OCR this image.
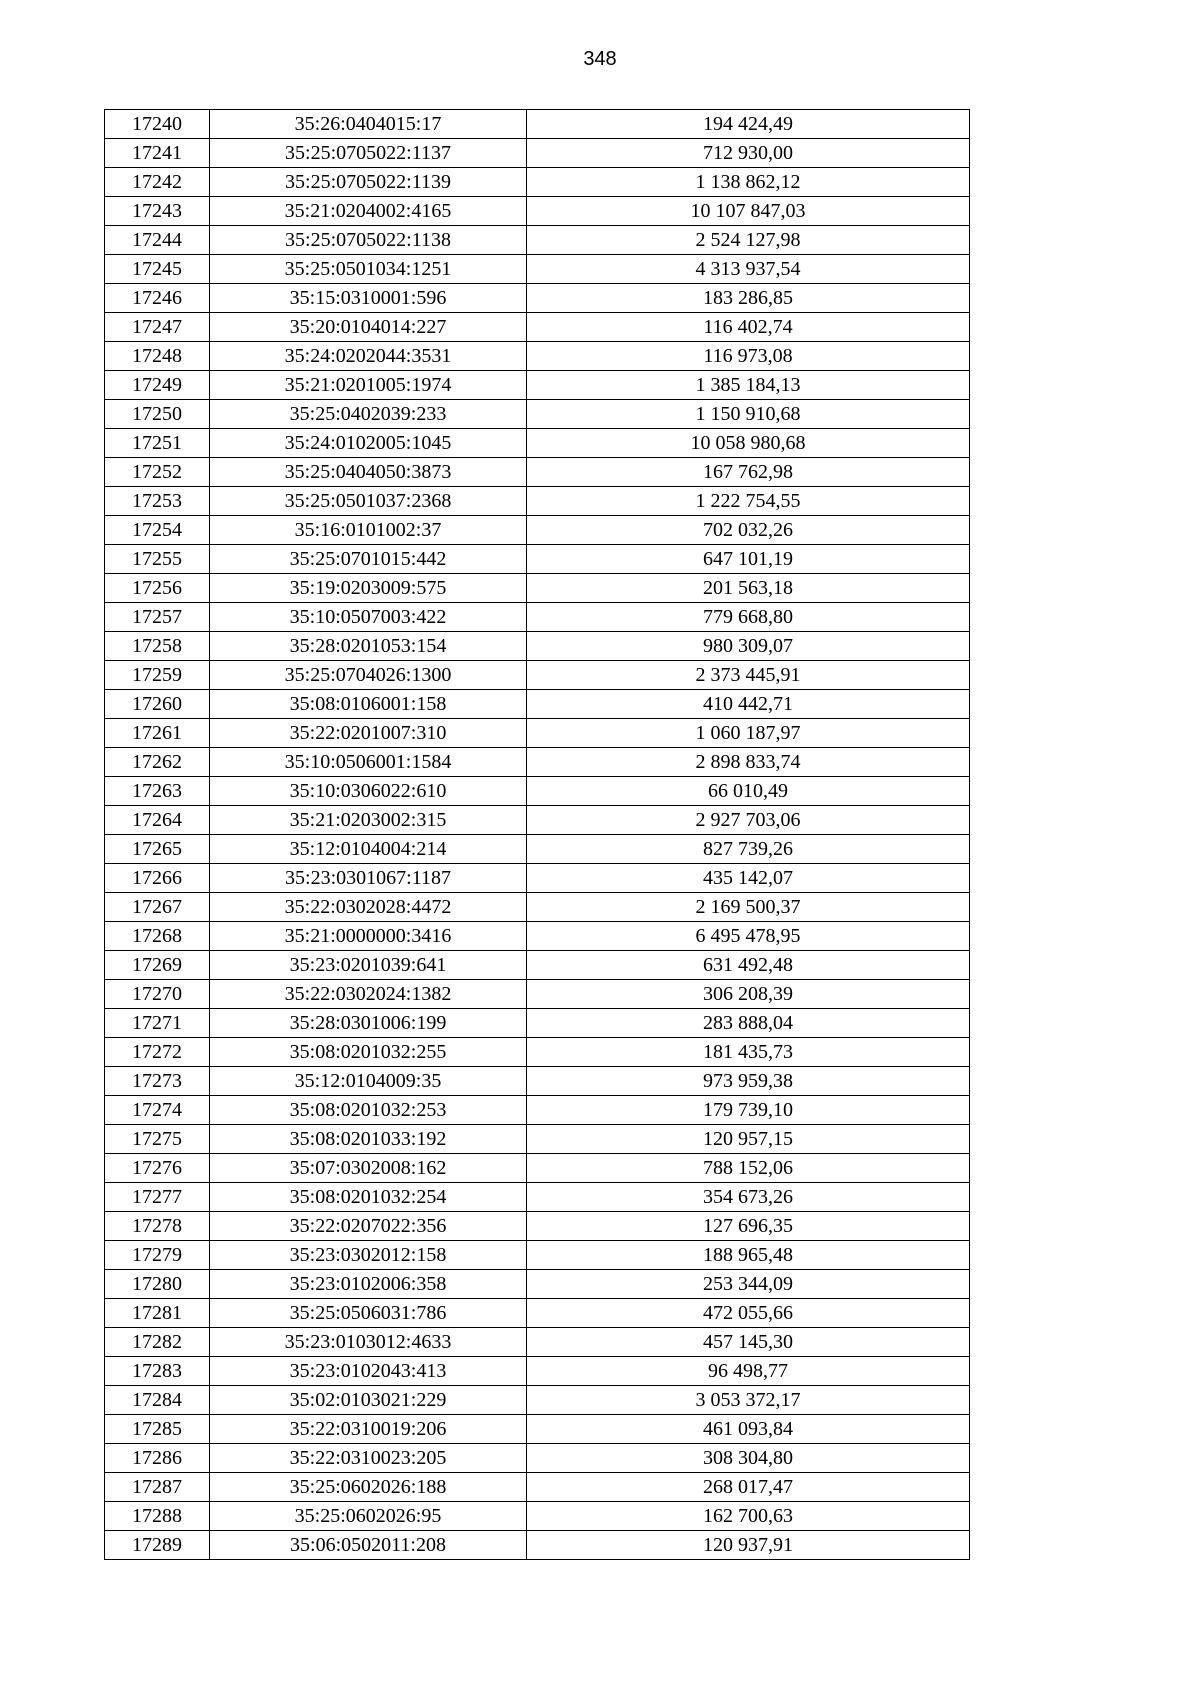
348
17240	35:26:0404015:17	194 424,49
17241	35:25:0705022:1137	712 930,00
17242	35:25:0705022:1139	1 138 862,12
17243	35:21:0204002:4165	10 107 847,03
17244	35:25:0705022:1138	2 524 127,98
17245	35:25:0501034:1251	4 313 937,54
17246	35:15:0310001:596	183 286,85
17247	35:20:0104014:227	116 402,74
17248	35:24:0202044:3531	116 973,08
17249	35:21:0201005:1974	1 385 184,13
17250	35:25:0402039:233	1 150 910,68
17251	35:24:0102005:1045	10 058 980,68
17252	35:25:0404050:3873	167 762,98
17253	35:25:0501037:2368	1 222 754,55
17254	35:16:0101002:37	702 032,26
17255	35:25:0701015:442	647 101,19
17256	35:19:0203009:575	201 563,18
17257	35:10:0507003:422	779 668,80
17258	35:28:0201053:154	980 309,07
17259	35:25:0704026:1300	2 373 445,91
17260	35:08:0106001:158	410 442,71
17261	35:22:0201007:310	1 060 187,97
17262	35:10:0506001:1584	2 898 833,74
17263	35:10:0306022:610	66 010,49
17264	35:21:0203002:315	2 927 703,06
17265	35:12:0104004:214	827 739,26
17266	35:23:0301067:1187	435 142,07
17267	35:22:0302028:4472	2 169 500,37
17268	35:21:0000000:3416	6 495 478,95
17269	35:23:0201039:641	631 492,48
17270	35:22:0302024:1382	306 208,39
17271	35:28:0301006:199	283 888,04
17272	35:08:0201032:255	181 435,73
17273	35:12:0104009:35	973 959,38
17274	35:08:0201032:253	179 739,10
17275	35:08:0201033:192	120 957,15
17276	35:07:0302008:162	788 152,06
17277	35:08:0201032:254	354 673,26
17278	35:22:0207022:356	127 696,35
17279	35:23:0302012:158	188 965,48
17280	35:23:0102006:358	253 344,09
17281	35:25:0506031:786	472 055,66
17282	35:23:0103012:4633	457 145,30
17283	35:23:0102043:413	96 498,77
17284	35:02:0103021:229	3 053 372,17
17285	35:22:0310019:206	461 093,84
17286	35:22:0310023:205	308 304,80
17287	35:25:0602026:188	268 017,47
17288	35:25:0602026:95	162 700,63
17289	35:06:0502011:208	120 937,91
